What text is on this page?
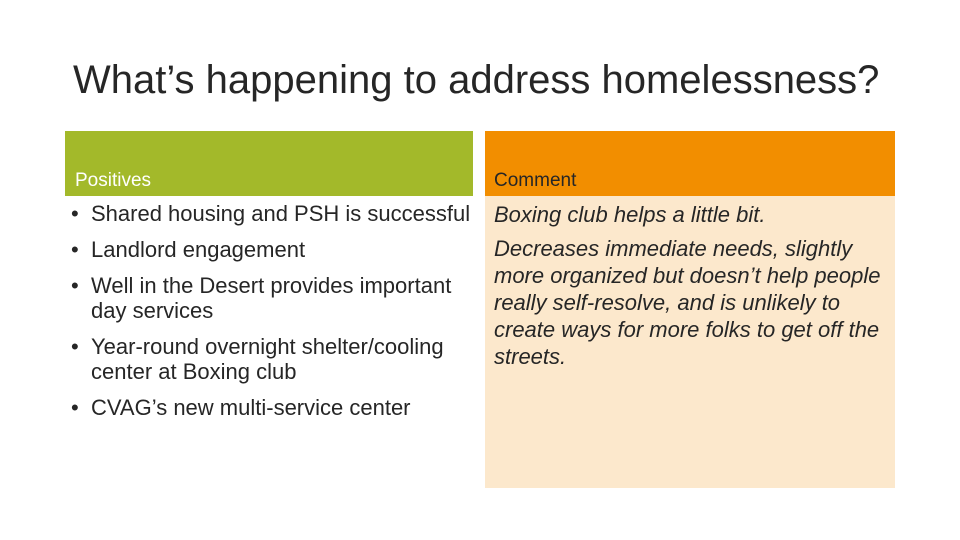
What’s happening to address homelessness?
Positives
• Shared housing and PSH is successful
• Landlord engagement
• Well in the Desert provides important day services
• Year-round overnight shelter/cooling center at Boxing club
• CVAG’s new multi-service center
Comment
Boxing club helps a little bit.
Decreases immediate needs, slightly more organized but doesn’t help people really self-resolve, and is unlikely to create ways for more folks to get off the streets.
